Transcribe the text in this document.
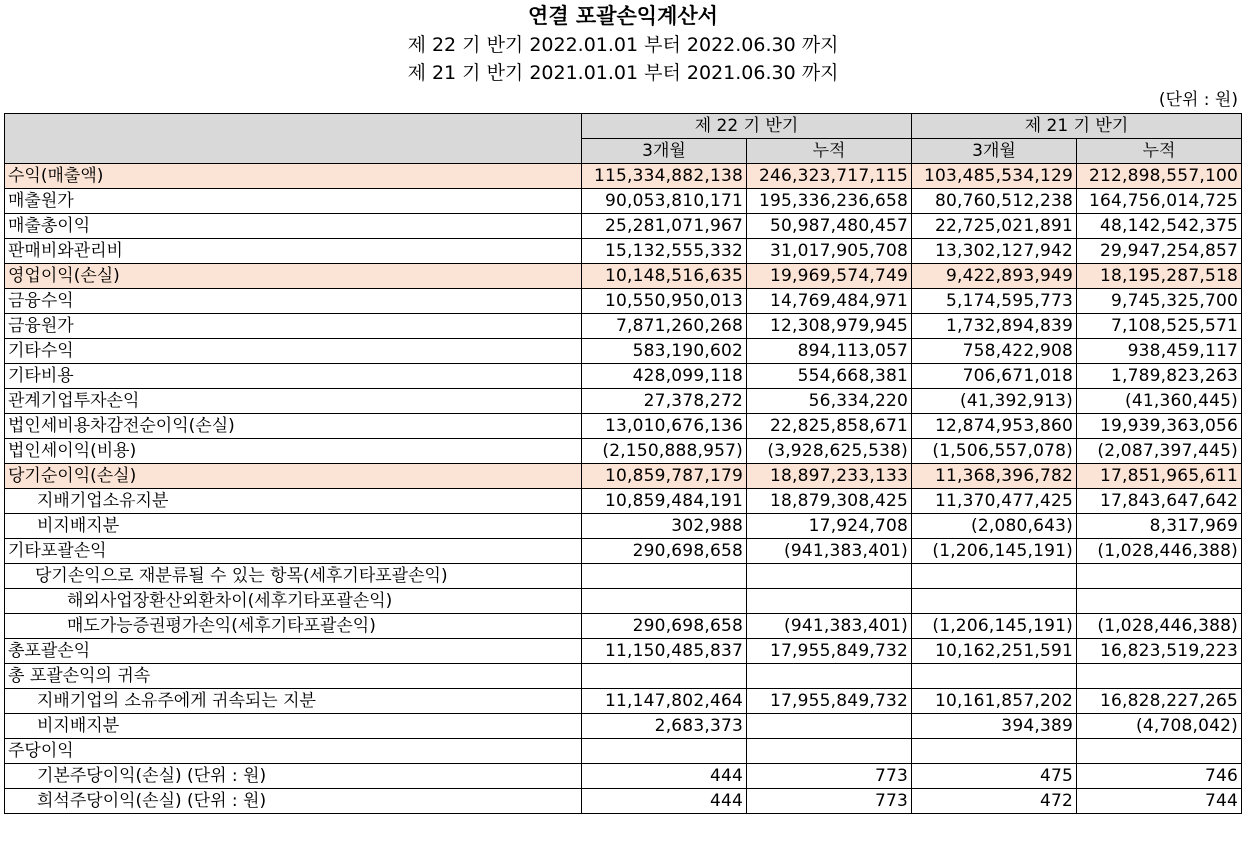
연결 포괄손익계산서
제 22 기 반기 2022.01.01 부터 2022.06.30 까지
제 21 기 반기 2021.01.01 부터 2021.06.30 까지
(단위 : 원)
	제 22 기 반기		제 21 기 반기	
	3개월	누적	3개월	누적
수익(매출액)	115,334,882,138	246,323,717,115	103,485,534,129	212,898,557,100
매출원가	90,053,810,171	195,336,236,658	80,760,512,238	164,756,014,725
매출총이익	25,281,071,967	50,987,480,457	22,725,021,891	48,142,542,375
판매비와관리비	15,132,555,332	31,017,905,708	13,302,127,942	29,947,254,857
영업이익(손실)	10,148,516,635	19,969,574,749	9,422,893,949	18,195,287,518
금융수익	10,550,950,013	14,769,484,971	5,174,595,773	9,745,325,700
금융원가	7,871,260,268	12,308,979,945	1,732,894,839	7,108,525,571
기타수익	583,190,602	894,113,057	758,422,908	938,459,117
기타비용	428,099,118	554,668,381	706,671,018	1,789,823,263
관계기업투자손익	27,378,272	56,334,220	(41,392,913)	(41,360,445)
법인세비용차감전순이익(손실)	13,010,676,136	22,825,858,671	12,874,953,860	19,939,363,056
법인세이익(비용)	(2,150,888,957)	(3,928,625,538)	(1,506,557,078)	(2,087,397,445)
당기순이익(손실)	10,859,787,179	18,897,233,133	11,368,396,782	17,851,965,611
지배기업소유지분	10,859,484,191	18,879,308,425	11,370,477,425	17,843,647,642
비지배지분	302,988	17,924,708	(2,080,643)	8,317,969
기타포괄손익	290,698,658	(941,383,401)	(1,206,145,191)	(1,028,446,388)
당기손익으로 재분류될 수 있는 항목(세후기타포괄손익)				
해외사업장환산외환차이(세후기타포괄손익)				
매도가능증권평가손익(세후기타포괄손익)	290,698,658	(941,383,401)	(1,206,145,191)	(1,028,446,388)
총포괄손익	11,150,485,837	17,955,849,732	10,162,251,591	16,823,519,223
총 포괄손익의 귀속				
지배기업의 소유주에게 귀속되는 지분	11,147,802,464	17,955,849,732	10,161,857,202	16,828,227,265
비지배지분	2,683,373		394,389	(4,708,042)
주당이익				
기본주당이익(손실) (단위 : 원)	444	773	475	746
희석주당이익(손실) (단위 : 원)	444	773	472	744
